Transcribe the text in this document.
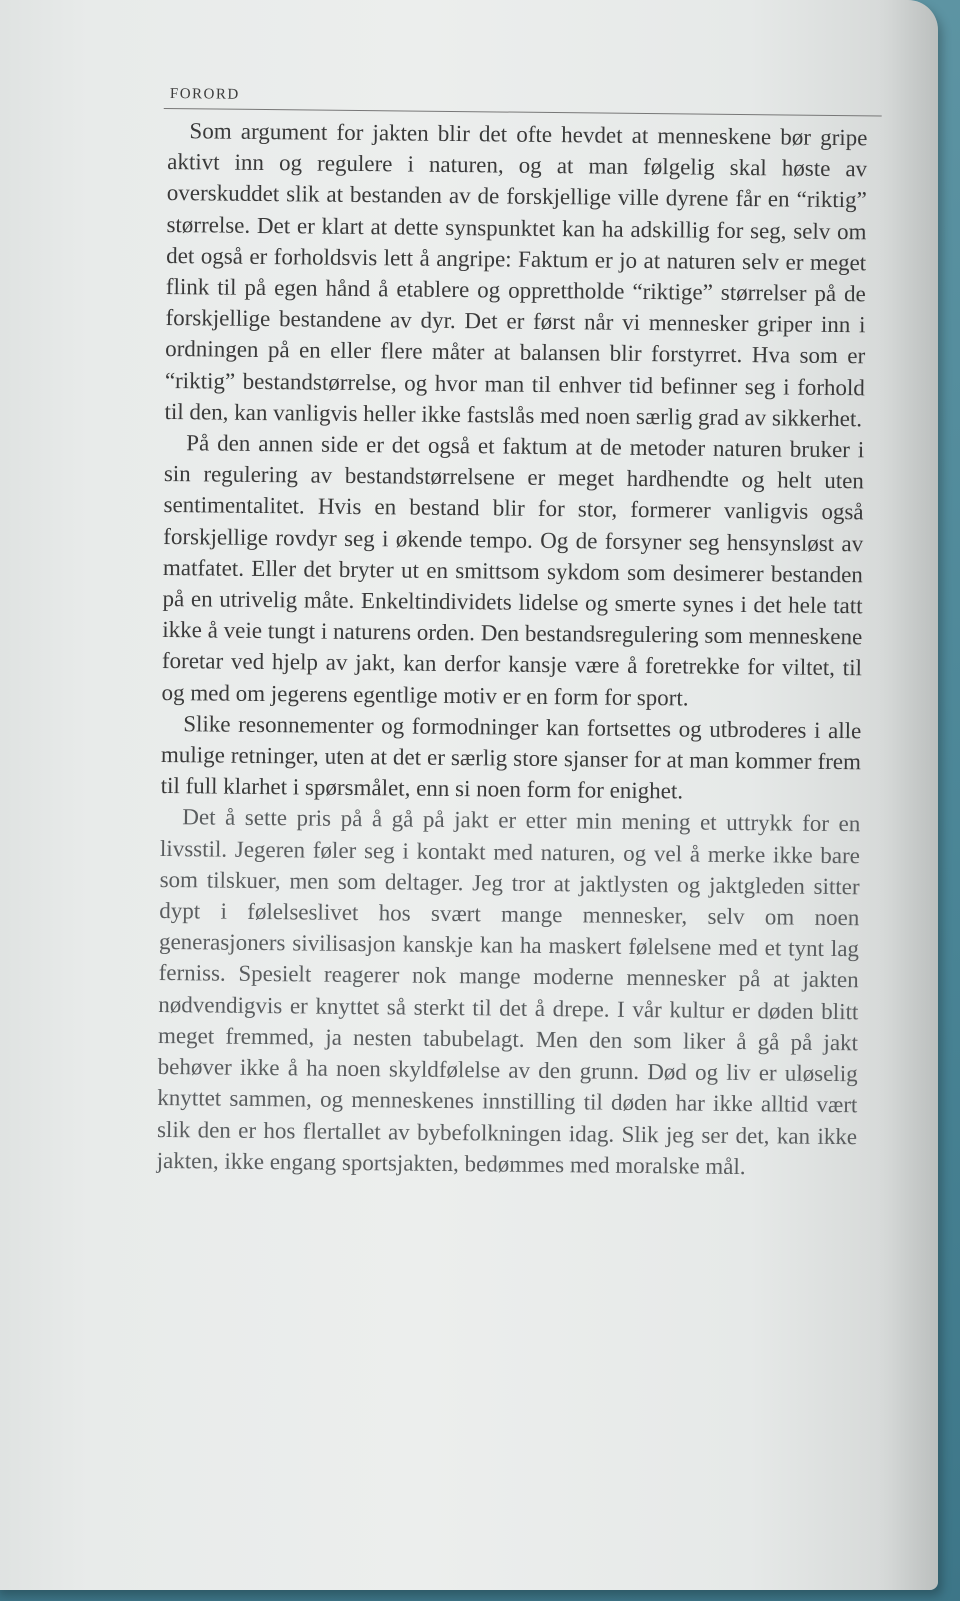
FORORD

Som argument for jakten blir det ofte hevdet at menneskene bør gripe aktivt inn og regulere i naturen, og at man følgelig skal høste av overskuddet slik at bestanden av de forskjellige ville dyrene får en “riktig” størrelse. Det er klart at dette synspunktet kan ha adskillig for seg, selv om det også er forholdsvis lett å angripe: Faktum er jo at naturen selv er meget flink til på egen hånd å etablere og opprettholde “riktige” størrelser på de forskjellige bestandene av dyr. Det er først når vi mennesker griper inn i ordningen på en eller flere måter at balansen blir forstyrret. Hva som er “riktig” bestandstørrelse, og hvor man til enhver tid befinner seg i forhold til den, kan vanligvis heller ikke fastslås med noen særlig grad av sikkerhet.

På den annen side er det også et faktum at de metoder naturen bruker i sin regulering av bestandstørrelsene er meget hardhendte og helt uten sentimentalitet. Hvis en bestand blir for stor, formerer vanligvis også forskjellige rovdyr seg i økende tempo. Og de forsyner seg hensynsløst av matfatet. Eller det bryter ut en smittsom sykdom som desimerer bestanden på en utrivelig måte. Enkeltindividets lidelse og smerte synes i det hele tatt ikke å veie tungt i naturens orden. Den bestandsregulering som menneskene foretar ved hjelp av jakt, kan derfor kansje være å foretrekke for viltet, til og med om jegerens egentlige motiv er en form for sport.

Slike resonnementer og formodninger kan fortsettes og utbroderes i alle mulige retninger, uten at det er særlig store sjanser for at man kommer frem til full klarhet i spørsmålet, enn si noen form for enighet.

Det å sette pris på å gå på jakt er etter min mening et uttrykk for en livsstil. Jegeren føler seg i kontakt med naturen, og vel å merke ikke bare som tilskuer, men som deltager. Jeg tror at jaktlysten og jaktgleden sitter dypt i følelseslivet hos svært mange mennesker, selv om noen generasjoners sivilisasjon kanskje kan ha maskert følelsene med et tynt lag ferniss. Spesielt reagerer nok mange moderne mennesker på at jakten nødvendigvis er knyttet så sterkt til det å drepe. I vår kultur er døden blitt meget fremmed, ja nesten tabubelagt. Men den som liker å gå på jakt behøver ikke å ha noen skyldfølelse av den grunn. Død og liv er uløselig knyttet sammen, og menneskenes innstilling til døden har ikke alltid vært slik den er hos flertallet av bybefolkningen idag. Slik jeg ser det, kan ikke jakten, ikke engang sportsjakten, bedømmes med moralske mål.
